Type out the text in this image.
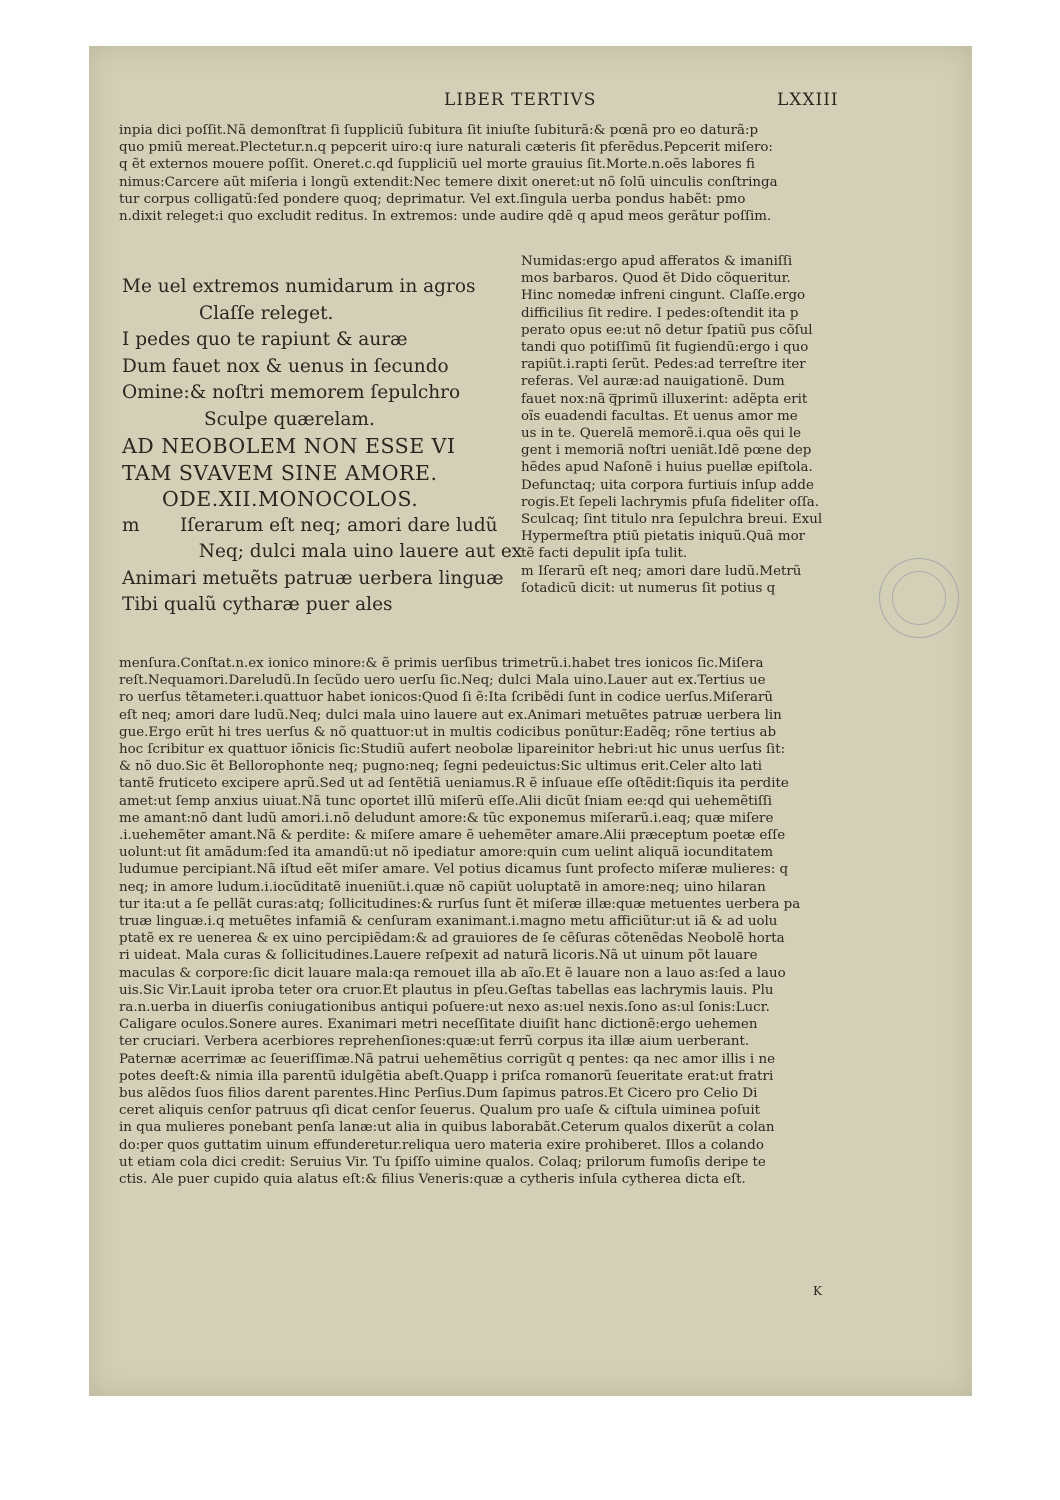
LIBER TERTIVS	LXXIII
inpia dici poſſit.Nã demonſtrat ſi ſuppliciũ ſubitura ſit iniuſte ſubiturã:& pœnã pro eo daturã:p
quo pmiũ mereat.Plectetur.n.q pepcerit uiro:q iure naturali cæteris ſit pferẽdus.Pepcerit miſero:
q ẽt externos mouere poſſit. Oneret.c.qd ſuppliciũ uel morte grauius ſit.Morte.n.oẽs labores fi
nimus:Carcere aũt miſeria i longũ extendit:Nec temere dixit oneret:ut nõ ſolũ uinculis conſtringa
tur corpus colligatũ:ſed pondere quoq; deprimatur. Vel ext.ſingula uerba pondus habẽt: pmo
n.dixit releget:i quo excludit reditus. In extremos: unde audire qdẽ q apud meos gerãtur poſſim.
Me uel extremos numidarum in agros
Claſſe releget.
I pedes quo te rapiunt & auræ
Dum fauet nox & uenus in ſecundo
Omine:& noſtri memorem ſepulchro
Sculpe quærelam.
AD NEOBOLEM NON ESSE VI
TAM SVAVEM SINE AMORE.
ODE.XII.MONOCOLOS.
m Iſerarum eſt neq; amori dare ludũ
Neq; dulci mala uino lauere aut ex
Animari metuẽts patruæ uerbera linguæ
Tibi qualũ cytharæ puer ales
Numidas:ergo apud afferatos & imaniſſi
mos barbaros. Quod ẽt Dido cõqueritur.
Hinc nomedæ infreni cingunt. Claſſe.ergo
difficilius ſit redire. I pedes:oſtendit ita p
perato opus ee:ut nõ detur ſpatiũ pus cõſul
tandi quo potiſſimũ ſit fugiendũ:ergo i quo
rapiũt.i.rapti ſerũt. Pedes:ad terreſtre iter
referas. Vel auræ:ad nauigationẽ. Dum
fauet nox:nã ͞qprimũ illuxerint: adẽpta erit
oĩs euadendi facultas. Et uenus amor me
us in te. Querelã memorẽ.i.qua oẽs qui le
gent i memoriã noſtri ueniãt.Idẽ pœne dep
hẽdes apud Naſonẽ i huius puellæ epiſtola.
Defunctaq; uita corpora furtiuis inſup adde
rogis.Et ſepeli lachrymis pfuſa fideliter oſſa.
Sculcaq; ſint titulo nra ſepulchra breui. Exul
Hypermeſtra ptiũ pietatis iniquũ.Quã mor
tẽ facti depulit ipſa tulit.
m Iſerarũ eſt neq; amori dare ludũ.Metrũ
ſotadicũ dicit: ut numerus ſit potius q
menſura.Conſtat.n.ex ionico minore:& ẽ primis uerſibus trimetrũ.i.habet tres ionicos ſic.Miſera
reſt.Nequamori.Dareludũ.In ſecũdo uero uerſu ſic.Neq; dulci Mala uino.Lauer aut ex.Tertius ue
ro uerſus tẽtameter.i.quattuor habet ionicos:Quod ſi ẽ:Ita ſcribẽdi ſunt in codice uerſus.Miſerarũ
eſt neq; amori dare ludũ.Neq; dulci mala uino lauere aut ex.Animari metuẽtes patruæ uerbera lin
gue.Ergo erũt hi tres uerſus & nõ quattuor:ut in multis codicibus ponũtur:Eadẽq; rõne tertius ab
hoc ſcribitur ex quattuor iõnicis ſic:Studiũ aufert neobolæ lipareinitor hebri:ut hic unus uerſus ſit:
& nõ duo.Sic ẽt Bellorophonte neq; pugno:neq; ſegni pedeuictus:Sic ultimus erit.Celer alto lati
tantẽ fruticeto excipere aprũ.Sed ut ad ſentẽtiã ueniamus.R ẽ inſuaue eſſe oſtẽdit:ſiquis ita perdite
amet:ut ſemp anxius uiuat.Nã tunc oportet illũ miſerũ eſſe.Alii dicũt ſniam ee:qd qui uehemẽtiſſi
me amant:nõ dant ludũ amori.i.nõ deludunt amore:& tũc exponemus miſerarũ.i.eaq; quæ miſere
.i.uehemẽter amant.Nã & perdite: & miſere amare ẽ uehemẽter amare.Alii præceptum poetæ eſſe
uolunt:ut ſit amãdum:ſed ita amandũ:ut nõ ipediatur amore:quin cum uelint aliquã iocunditatem
ludumue percipiant.Nã iſtud eẽt miſer amare. Vel potius dicamus ſunt profecto miſeræ mulieres: q
neq; in amore ludum.i.iocũditatẽ inueniũt.i.quæ nõ capiũt uoluptatẽ in amore:neq; uino hilaran
tur ita:ut a ſe pellãt curas:atq; ſollicitudines:& rurſus ſunt ẽt miſeræ illæ:quæ metuentes uerbera pa
truæ linguæ.i.q metuẽtes infamiã & cenſuram exanimant.i.magno metu afficiũtur:ut iã & ad uolu
ptatẽ ex re uenerea & ex uino percipiẽdam:& ad grauiores de ſe cẽſuras cõtenẽdas Neobolẽ horta
ri uideat. Mala curas & ſollicitudines.Lauere reſpexit ad naturã licoris.Nã ut uinum põt lauare
maculas & corpore:ſic dicit lauare mala:qa remouet illa ab aĩo.Et ẽ lauare non a lauo as:ſed a lauo
uis.Sic Vir.Lauit iproba teter ora cruor.Et plautus in pſeu.Geſtas tabellas eas lachrymis lauis. Plu
ra.n.uerba in diuerſis coniugationibus antiqui poſuere:ut nexo as:uel nexis.ſono as:ul ſonis:Lucr.
Caligare oculos.Sonere aures. Exanimari metri neceſſitate diuiſit hanc dictionẽ:ergo uehemen
ter cruciari. Verbera acerbiores reprehenſiones:quæ:ut ferrũ corpus ita illæ aium uerberant.
Paternæ acerrimæ ac ſeueriſſimæ.Nã patrui uehemẽtius corrigũt q pentes: qa nec amor illis i ne
potes deeſt:& nimia illa parentũ idulgẽtia abeſt.Quapp i priſca romanorũ ſeueritate erat:ut fratri
bus alẽdos ſuos filios darent parentes.Hinc Perſius.Dum ſapimus patros.Et Cicero pro Celio Di
ceret aliquis cenſor patruus qſi dicat cenſor ſeuerus. Qualum pro uaſe & ciſtula uiminea poſuit
in qua mulieres ponebant penſa lanæ:ut alia in quibus laborabãt.Ceterum qualos dixerũt a colan
do:per quos guttatim uinum effunderetur.reliqua uero materia exire prohiberet. Illos a colando
ut etiam cola dici credit: Seruius Vir. Tu ſpiſſo uimine qualos. Colaq; prilorum fumoſis deripe te
ctis. Ale puer cupido quia alatus eſt:& filius Veneris:quæ a cytheris inſula cytherea dicta eſt.
K
